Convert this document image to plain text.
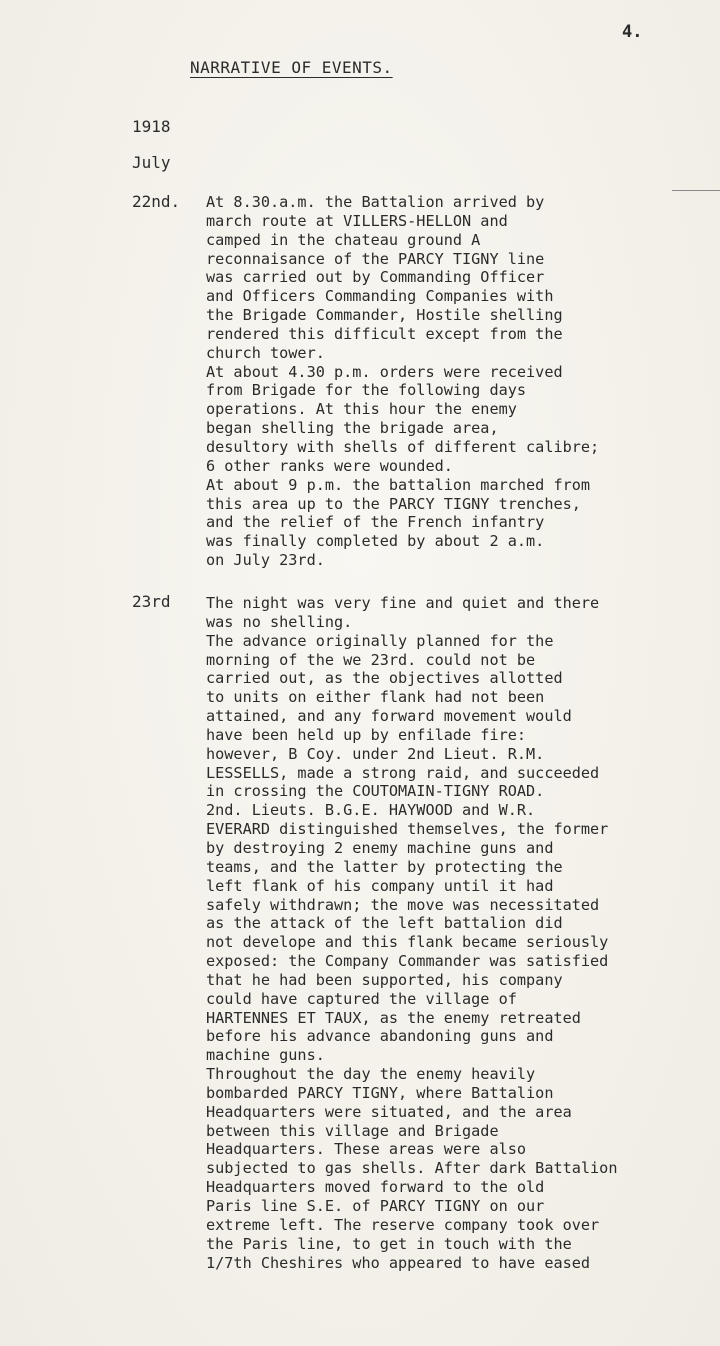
4.
NARRATIVE OF EVENTS.
1918
July
22nd. At 8.30.a.m. the Battalion arrived by
march route at VILLERS-HELLON and
camped in the chateau ground A
reconnaisance of the PARCY TIGNY line
was carried out by Commanding Officer
and Officers Commanding Companies with
the Brigade Commander, Hostile shelling
rendered this difficult except from the
church tower.
At about 4.30 p.m. orders were received
from Brigade for the following days
operations. At this hour the enemy
began shelling the brigade area,
desultory with shells of different calibre;
6 other ranks were wounded.
At about 9 p.m. the battalion marched from
this area up to the PARCY TIGNY trenches,
and the relief of the French infantry
was finally completed by about 2 a.m.
on July 23rd.
23rd The night was very fine and quiet and there
was no shelling.
The advance originally planned for the
morning of the we 23rd. could not be
carried out, as the objectives allotted
to units on either flank had not been
attained, and any forward movement would
have been held up by enfilade fire:
however, B Coy. under 2nd Lieut. R.M.
LESSELLS, made a strong raid, and succeeded
in crossing the COUTOMAIN-TIGNY ROAD.
2nd. Lieuts. B.G.E. HAYWOOD and W.R.
EVERARD distinguished themselves, the former
by destroying 2 enemy machine guns and
teams, and the latter by protecting the
left flank of his company until it had
safely withdrawn; the move was necessitated
as the attack of the left battalion did
not develope and this flank became seriously
exposed: the Company Commander was satisfied
that he had been supported, his company
could have captured the village of
HARTENNES ET TAUX, as the enemy retreated
before his advance abandoning guns and
machine guns.
Throughout the day the enemy heavily
bombarded PARCY TIGNY, where Battalion
Headquarters were situated, and the area
between this village and Brigade
Headquarters. These areas were also
subjected to gas shells. After dark Battalion
Headquarters moved forward to the old
Paris line S.E. of PARCY TIGNY on our
extreme left. The reserve company took over
the Paris line, to get in touch with the
1/7th Cheshires who appeared to have eased
